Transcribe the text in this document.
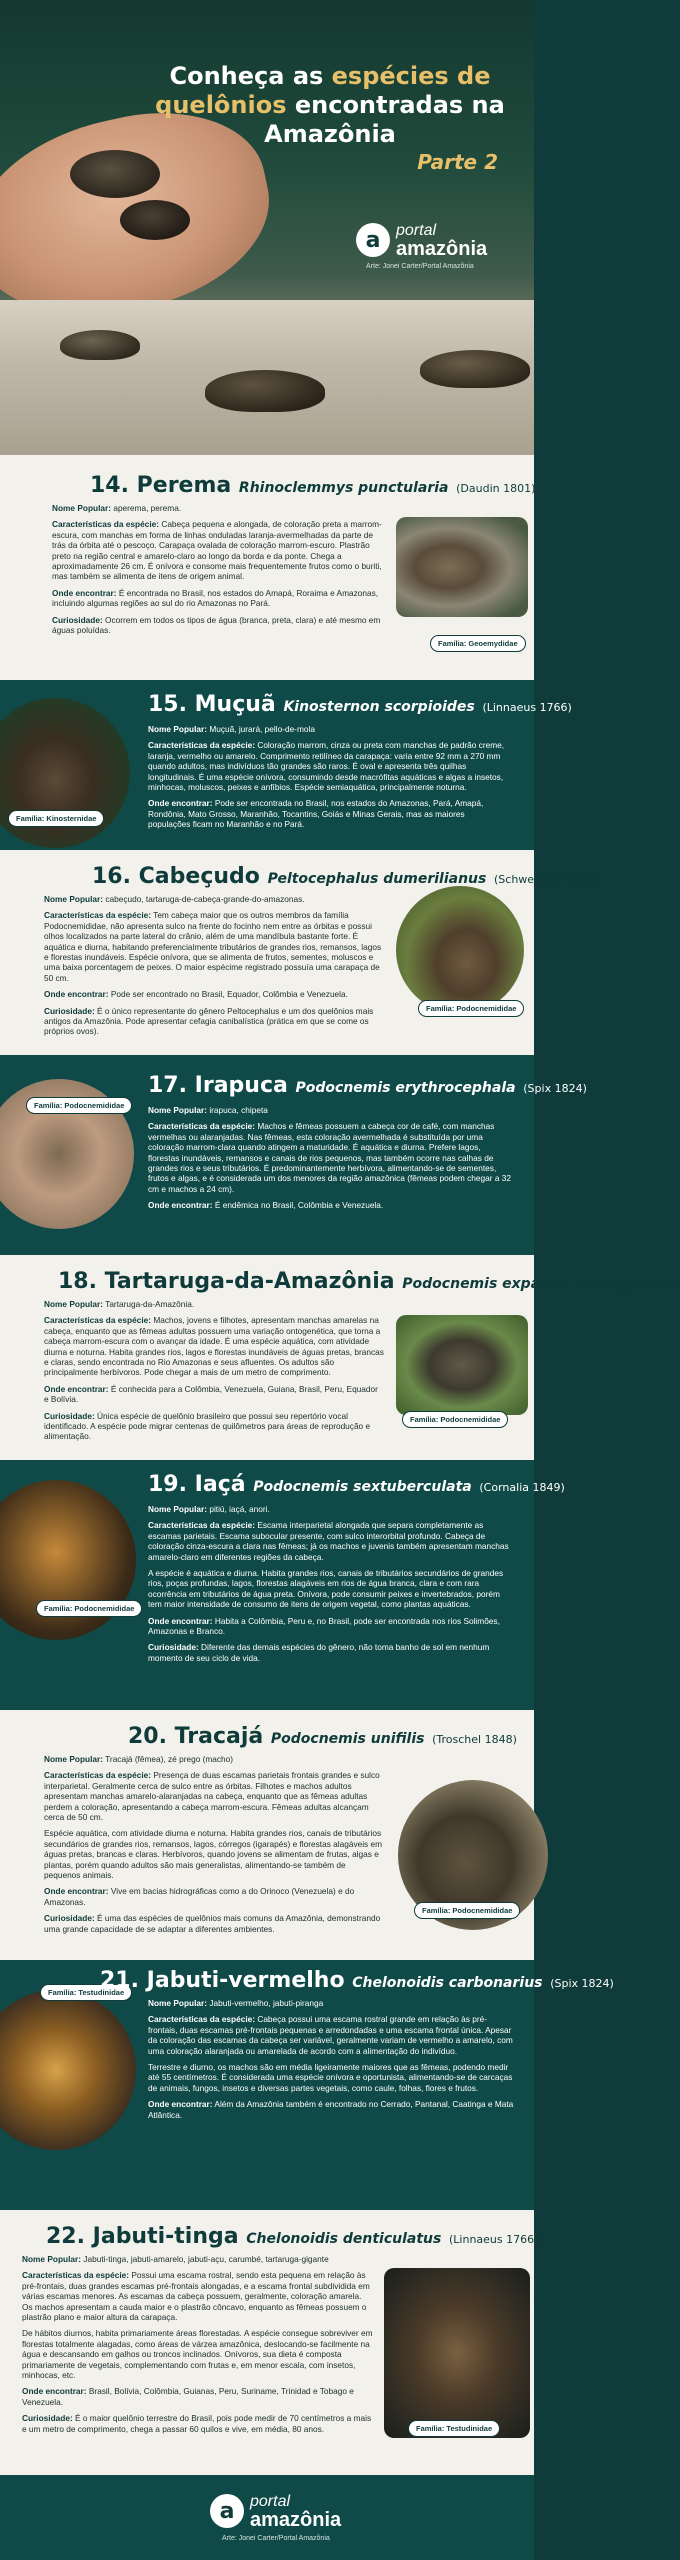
Conheça as espécies de quelônios encontradas na Amazônia
Parte 2
a portal
amazônia
Arte: Jonei Carter/Portal Amazônia
14. Perema Rhinoclemmys punctularia (Daudin 1801)

Nome Popular: aperema, perema.

Características da espécie: Cabeça pequena e alongada, de coloração preta a marrom-escura, com manchas em forma de linhas onduladas laranja-avermelhadas da parte de trás da órbita até o pescoço. Carapaça ovalada de coloração marrom-escuro. Plastrão preto na região central e amarelo-claro ao longo da borda e da ponte. Chega a aproximadamente 26 cm. É onívora e consome mais frequentemente frutos como o buriti, mas também se alimenta de itens de origem animal.

Onde encontrar: É encontrada no Brasil, nos estados do Amapá, Roraima e Amazonas, incluindo algumas regiões ao sul do rio Amazonas no Pará.

Curiosidade: Ocorrem em todos os tipos de água (branca, preta, clara) e até mesmo em águas poluídas.

Família: Geoemydidae
Família: Kinosternidae
15. Muçuã Kinosternon scorpioides (Linnaeus 1766)

Nome Popular: Muçuã, jurará, pello-de-mola

Características da espécie: Coloração marrom, cinza ou preta com manchas de padrão creme, laranja, vermelho ou amarelo. Comprimento retilíneo da carapaça: varia entre 92 mm a 270 mm quando adultos, mas indivíduos tão grandes são raros. É oval e apresenta três quilhas longitudinais. É uma espécie onívora, consumindo desde macrófitas aquáticas e algas a insetos, minhocas, moluscos, peixes e anfíbios. Espécie semiaquática, principalmente noturna.

Onde encontrar: Pode ser encontrada no Brasil, nos estados do Amazonas, Pará, Amapá, Rondônia, Mato Grosso, Maranhão, Tocantins, Goiás e Minas Gerais, mas as maiores populações ficam no Maranhão e no Pará.

16. Cabeçudo Peltocephalus dumerilianus (Schweigger 1812)

Nome Popular: cabeçudo, tartaruga-de-cabeça-grande-do-amazonas.

Características da espécie: Tem cabeça maior que os outros membros da família Podocnemididae, não apresenta sulco na frente do focinho nem entre as órbitas e possui olhos localizados na parte lateral do crânio, além de uma mandíbula bastante forte. É aquática e diurna, habitando preferencialmente tributários de grandes rios, remansos, lagos e florestas inundáveis. Espécie onívora, que se alimenta de frutos, sementes, moluscos e uma baixa porcentagem de peixes. O maior espécime registrado possuía uma carapaça de 50 cm.

Onde encontrar: Pode ser encontrado no Brasil, Equador, Colômbia e Venezuela.

Curiosidade: É o único representante do gênero Peltocephalus e um dos quelônios mais antigos da Amazônia. Pode apresentar cefagia canibalística (prática em que se come os próprios ovos).

Família: Podocnemididae
Família: Podocnemididae
17. Irapuca Podocnemis erythrocephala (Spix 1824)

Nome Popular: irapuca, chipeta

Características da espécie: Machos e fêmeas possuem a cabeça cor de café, com manchas vermelhas ou alaranjadas. Nas fêmeas, esta coloração avermelhada é substituída por uma coloração marrom-clara quando atingem a maturidade. É aquática e diurna. Prefere lagos, florestas inundáveis, remansos e canais de rios pequenos, mas também ocorre nas calhas de grandes rios e seus tributários. É predominantemente herbívora, alimentando-se de sementes, frutos e algas, e é considerada um dos menores da região amazônica (fêmeas podem chegar a 32 cm e machos a 24 cm).

Onde encontrar: É endêmica no Brasil, Colômbia e Venezuela.

18. Tartaruga-da-Amazônia Podocnemis expansa (Schweigger 1812)

Nome Popular: Tartaruga-da-Amazônia.

Características da espécie: Machos, jovens e filhotes, apresentam manchas amarelas na cabeça, enquanto que as fêmeas adultas possuem uma variação ontogenética, que torna a cabeça marrom-escura com o avançar da idade. É uma espécie aquática, com atividade diurna e noturna. Habita grandes rios, lagos e florestas inundáveis de águas pretas, brancas e claras, sendo encontrada no Rio Amazonas e seus afluentes. Os adultos são principalmente herbívoros. Pode chegar a mais de um metro de comprimento.

Onde encontrar: É conhecida para a Colômbia, Venezuela, Guiana, Brasil, Peru, Equador e Bolívia.

Curiosidade: Única espécie de quelônio brasileiro que possui seu repertório vocal identificado. A espécie pode migrar centenas de quilômetros para áreas de reprodução e alimentação.

Família: Podocnemididae
Família: Podocnemididae
19. Iaçá Podocnemis sextuberculata (Cornalia 1849)

Nome Popular: pitiú, iaçá, anori.

Características da espécie: Escama interparietal alongada que separa completamente as escamas parietais. Escama subocular presente, com sulco interorbital profundo. Cabeça de coloração cinza-escura a clara nas fêmeas; já os machos e juvenis também apresentam manchas amarelo-claro em diferentes regiões da cabeça.

A espécie é aquática e diurna. Habita grandes rios, canais de tributários secundários de grandes rios, poças profundas, lagos, florestas alagáveis em rios de água branca, clara e com rara ocorrência em tributários de água preta. Onívora, pode consumir peixes e invertebrados, porém tem maior intensidade de consumo de itens de origem vegetal, como plantas aquáticas.

Onde encontrar: Habita a Colômbia, Peru e, no Brasil, pode ser encontrada nos rios Solimões, Amazonas e Branco.

Curiosidade: Diferente das demais espécies do gênero, não toma banho de sol em nenhum momento de seu ciclo de vida.

20. Tracajá Podocnemis unifilis (Troschel 1848)

Nome Popular: Tracajá (fêmea), zé prego (macho)

Características da espécie: Presença de duas escamas parietais frontais grandes e sulco interparietal. Geralmente cerca de sulco entre as órbitas. Filhotes e machos adultos apresentam manchas amarelo-alaranjadas na cabeça, enquanto que as fêmeas adultas perdem a coloração, apresentando a cabeça marrom-escura. Fêmeas adultas alcançam cerca de 50 cm.

Espécie aquática, com atividade diurna e noturna. Habita grandes rios, canais de tributários secundários de grandes rios, remansos, lagos, córregos (igarapés) e florestas alagáveis em águas pretas, brancas e claras. Herbívoros, quando jovens se alimentam de frutas, algas e plantas, porém quando adultos são mais generalistas, alimentando-se também de pequenos animais.

Onde encontrar: Vive em bacias hidrográficas como a do Orinoco (Venezuela) e do Amazonas.

Curiosidade: É uma das espécies de quelônios mais comuns da Amazônia, demonstrando uma grande capacidade de se adaptar a diferentes ambientes.

Família: Podocnemididae
Família: Testudinidae
21. Jabuti-vermelho Chelonoidis carbonarius (Spix 1824)

Nome Popular: Jabuti-vermelho, jabuti-piranga

Características da espécie: Cabeça possui uma escama rostral grande em relação às pré-frontais, duas escamas pré-frontais pequenas e arredondadas e uma escama frontal única. Apesar da coloração das escamas da cabeça ser variável, geralmente variam de vermelho a amarelo, com uma coloração alaranjada ou amarelada de acordo com a alimentação do indivíduo.

Terrestre e diurno, os machos são em média ligeiramente maiores que as fêmeas, podendo medir até 55 centímetros. É considerada uma espécie onívora e oportunista, alimentando-se de carcaças de animais, fungos, insetos e diversas partes vegetais, como caule, folhas, flores e frutos.

Onde encontrar: Além da Amazônia também é encontrado no Cerrado, Pantanal, Caatinga e Mata Atlântica.

22. Jabuti-tinga Chelonoidis denticulatus (Linnaeus 1766)

Nome Popular: Jabuti-tinga, jabuti-amarelo, jabuti-açu, carumbé, tartaruga-gigante

Características da espécie: Possui uma escama rostral, sendo esta pequena em relação às pré-frontais, duas grandes escamas pré-frontais alongadas, e a escama frontal subdividida em várias escamas menores. As escamas da cabeça possuem, geralmente, coloração amarela. Os machos apresentam a cauda maior e o plastrão côncavo, enquanto as fêmeas possuem o plastrão plano e maior altura da carapaça.

De hábitos diurnos, habita primariamente áreas florestadas. A espécie consegue sobreviver em florestas totalmente alagadas, como áreas de várzea amazônica, deslocando-se facilmente na água e descansando em galhos ou troncos inclinados. Onívoros, sua dieta é composta primariamente de vegetais, complementando com frutas e, em menor escala, com insetos, minhocas, etc.

Onde encontrar: Brasil, Bolívia, Colômbia, Guianas, Peru, Suriname, Trinidad e Tobago e Venezuela.

Curiosidade: É o maior quelônio terrestre do Brasil, pois pode medir de 70 centímetros a mais e um metro de comprimento, chega a passar 60 quilos e vive, em média, 80 anos.	Família: Testudinidae
a portal
amazônia
Arte: Jonei Carter/Portal Amazônia
